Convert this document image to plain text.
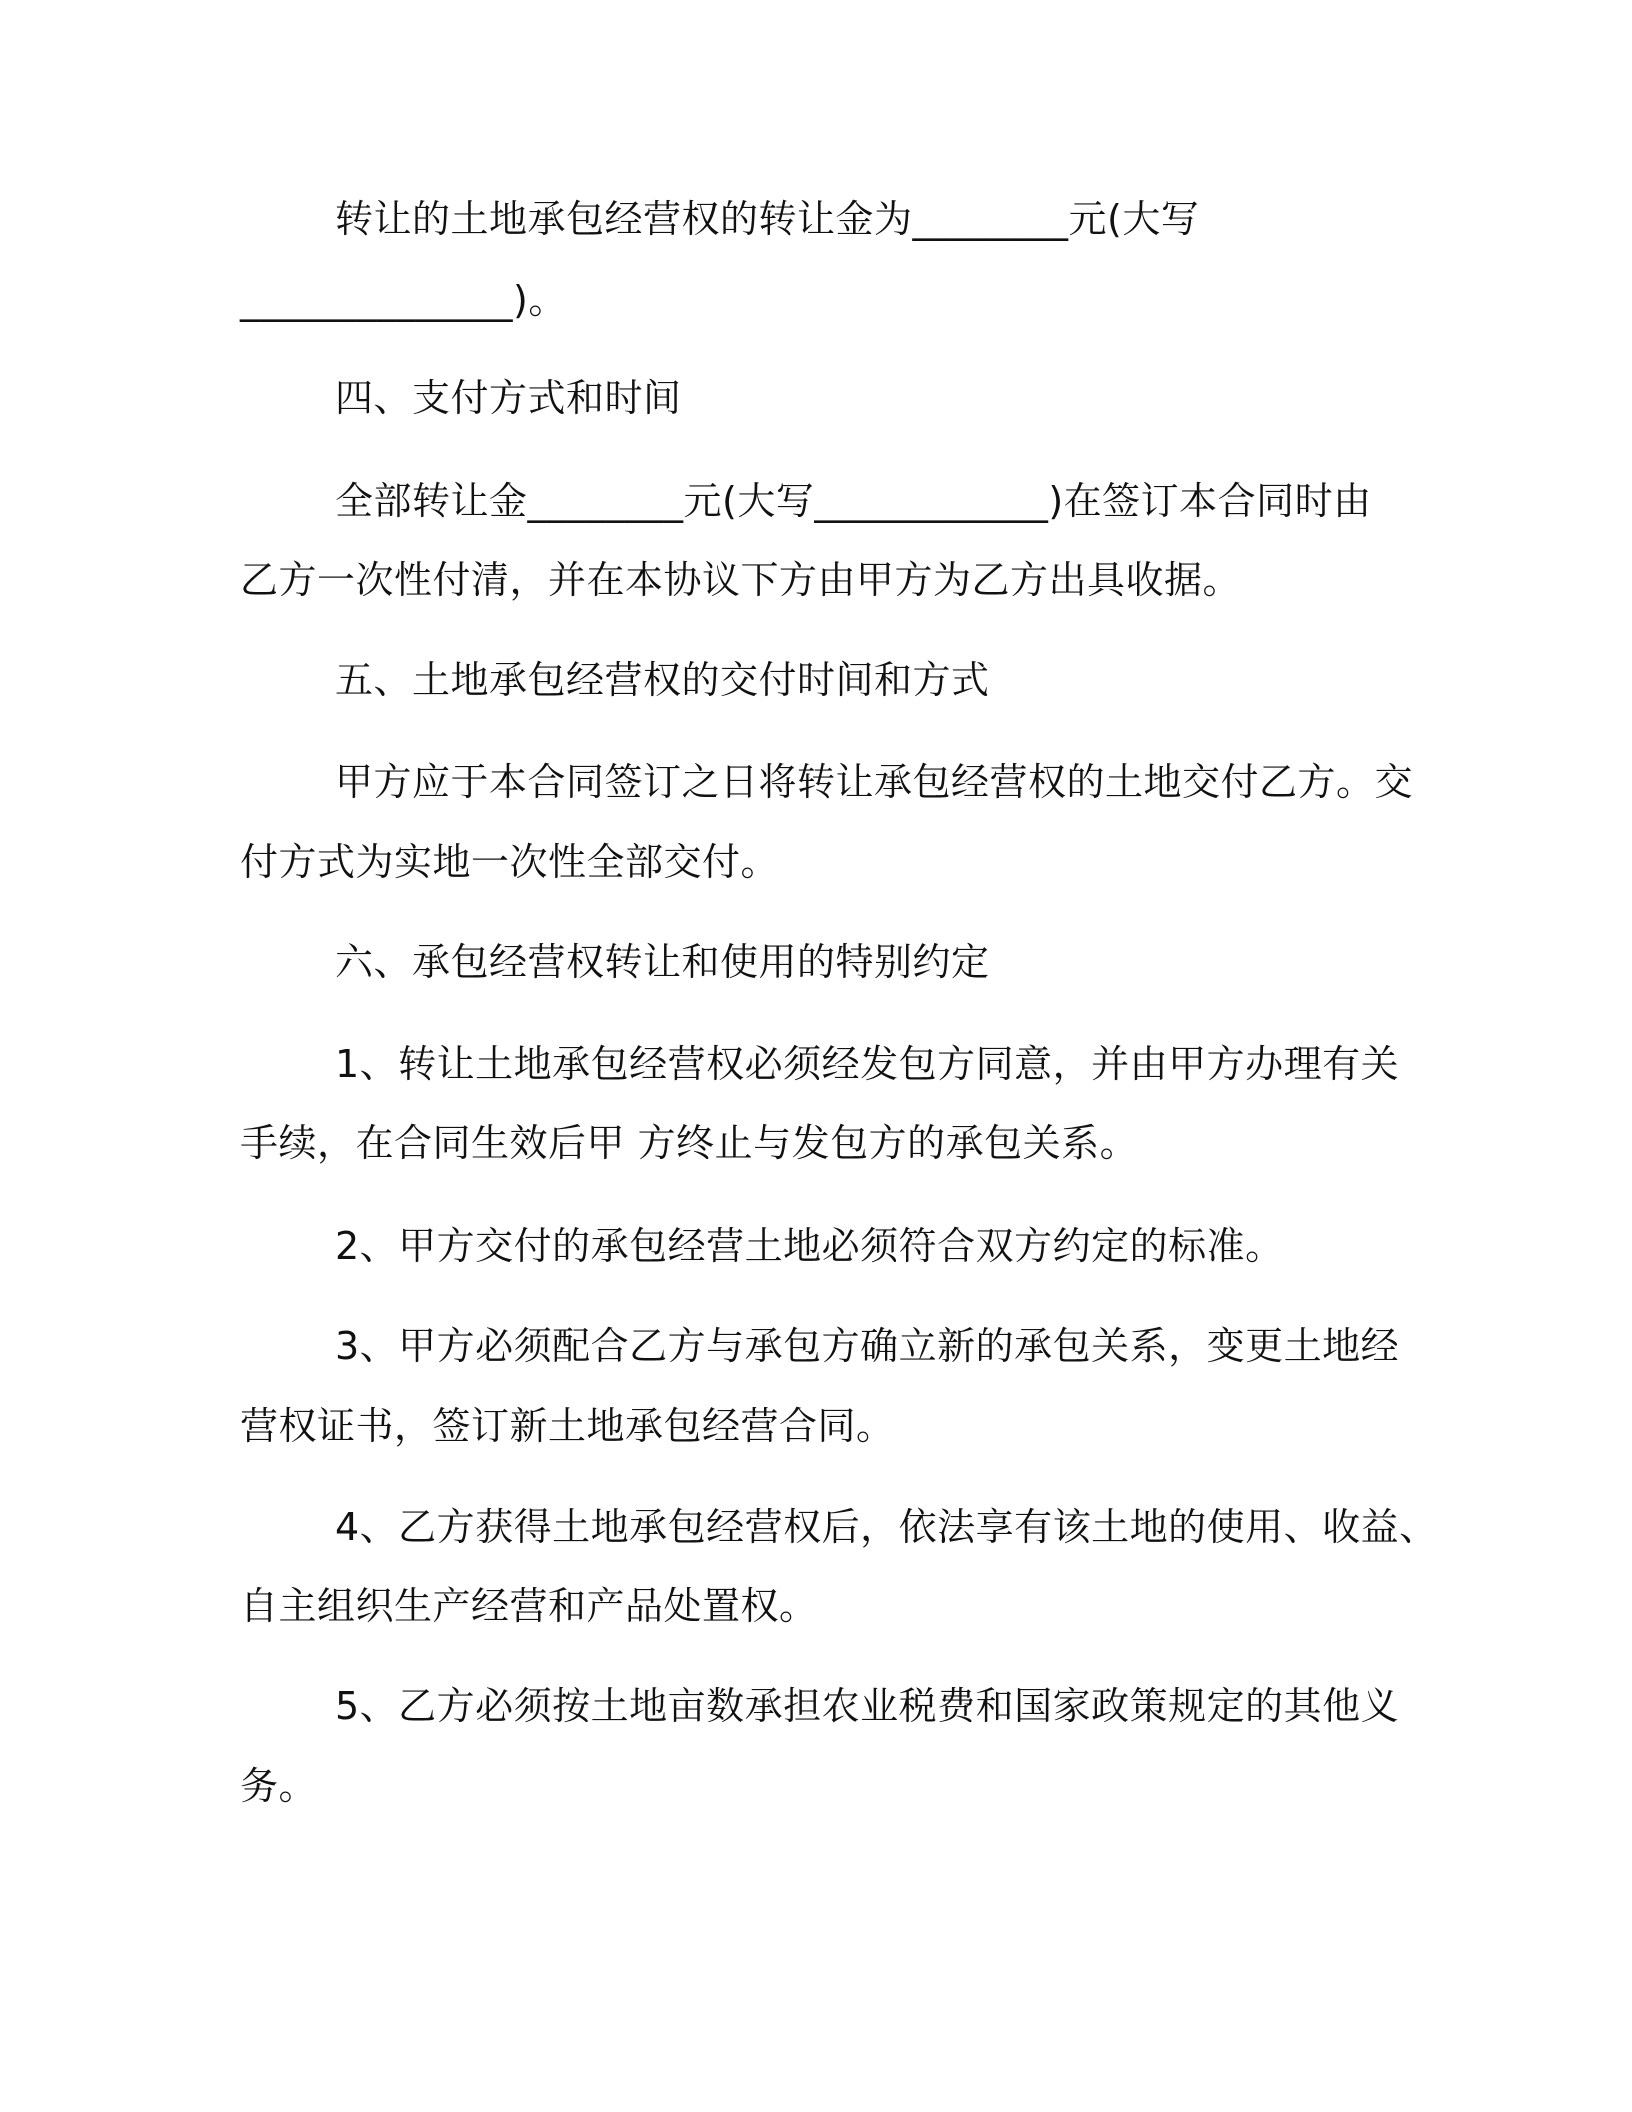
转让的土地承包经营权的转让金为________元(大写
______________)。
四、支付方式和时间
全部转让金________元(大写____________)在签订本合同时由
乙方一次性付清，并在本协议下方由甲方为乙方出具收据。
五、土地承包经营权的交付时间和方式
甲方应于本合同签订之日将转让承包经营权的土地交付乙方。交
付方式为实地一次性全部交付。
六、承包经营权转让和使用的特别约定
1、转让土地承包经营权必须经发包方同意，并由甲方办理有关
手续，在合同生效后甲 方终止与发包方的承包关系。
2、甲方交付的承包经营土地必须符合双方约定的标准。
3、甲方必须配合乙方与承包方确立新的承包关系，变更土地经
营权证书，签订新土地承包经营合同。
4、乙方获得土地承包经营权后，依法享有该土地的使用、收益、
自主组织生产经营和产品处置权。
5、乙方必须按土地亩数承担农业税费和国家政策规定的其他义
务。
